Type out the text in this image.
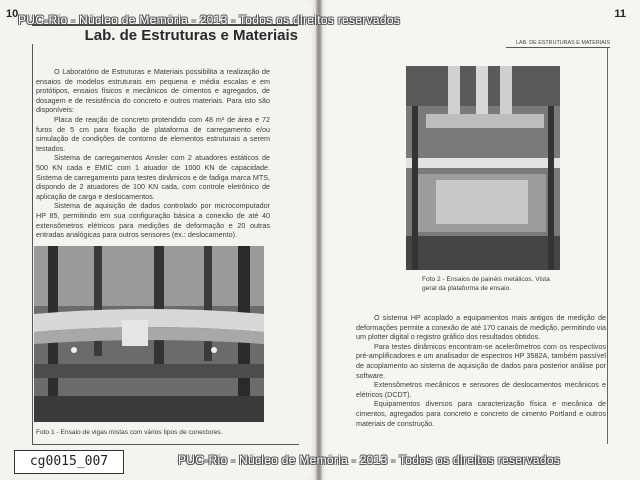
10
Lab. de Estruturas e Materiais

O Laboratório de Estruturas e Materiais possibilita a realização de ensaios de modelos estruturais em pequena e média escalas e em protótipos, ensaios físicos e mecânicos de cimentos e agregados, de dosagem e de resistência do concreto e outros materiais. Para isto são disponíveis:

Placa de reação de concreto protendido com 48 m² de área e 72 furos de 5 cm para fixação de plataforma de carregamento e/ou simulação de condições de contorno de elementos estruturais a serem testados.

Sistema de carregamentos Amsler com 2 atuadores estáticos de 500 KN cada e EMIC com 1 atuador de 1000 KN de capacidade. Sistema de carregamento para testes dinâmicos e de fadiga marca MTS, dispondo de 2 atuadores de 100 KN cada, com controle eletrônico de aplicação de carga e deslocamentos.

Sistema de aquisição de dados controlado por microcomputador HP 85, permitindo em sua configuração básica a conexão de até 40 extensômetros elétricos para medições de deformação e 20 outras entradas analógicas para outros sensores (ex.: deslocamento).

Foto 1 - Ensaio de vigas mistas com vários tipos de conectores.
11
LAB. DE ESTRUTURAS E MATERIAIS
Foto 2 - Ensaios de painéis metálicos. Vista geral da plataforma de ensaio.

O sistema HP acoplado a equipamentos mais antigos de medição de deformações permite a conexão de até 170 canais de medição, permitindo via um plotter digital o registro gráfico dos resultados obtidos.

Para testes dinâmicos encontram-se acelerômetros com os respectivos pré-amplificadores e um analisador de espectros HP 3582A, também passível de acoplamento ao sistema de aquisição de dados para posterior análise por software.

Extensômetros mecânicos e sensores de deslocamentos mecânicos e elétricos (DCDT).

Equipamentos diversos para caracterização física e mecânica de cimentos, agregados para concreto e concreto de cimento Portland e outros materiais de construção.

PUC-Rio - Núcleo de Memória - 2013 - Todos os direitos reservados
PUC-Rio - Núcleo de Memória - 2013 - Todos os direitos reservados
cg0015_007
